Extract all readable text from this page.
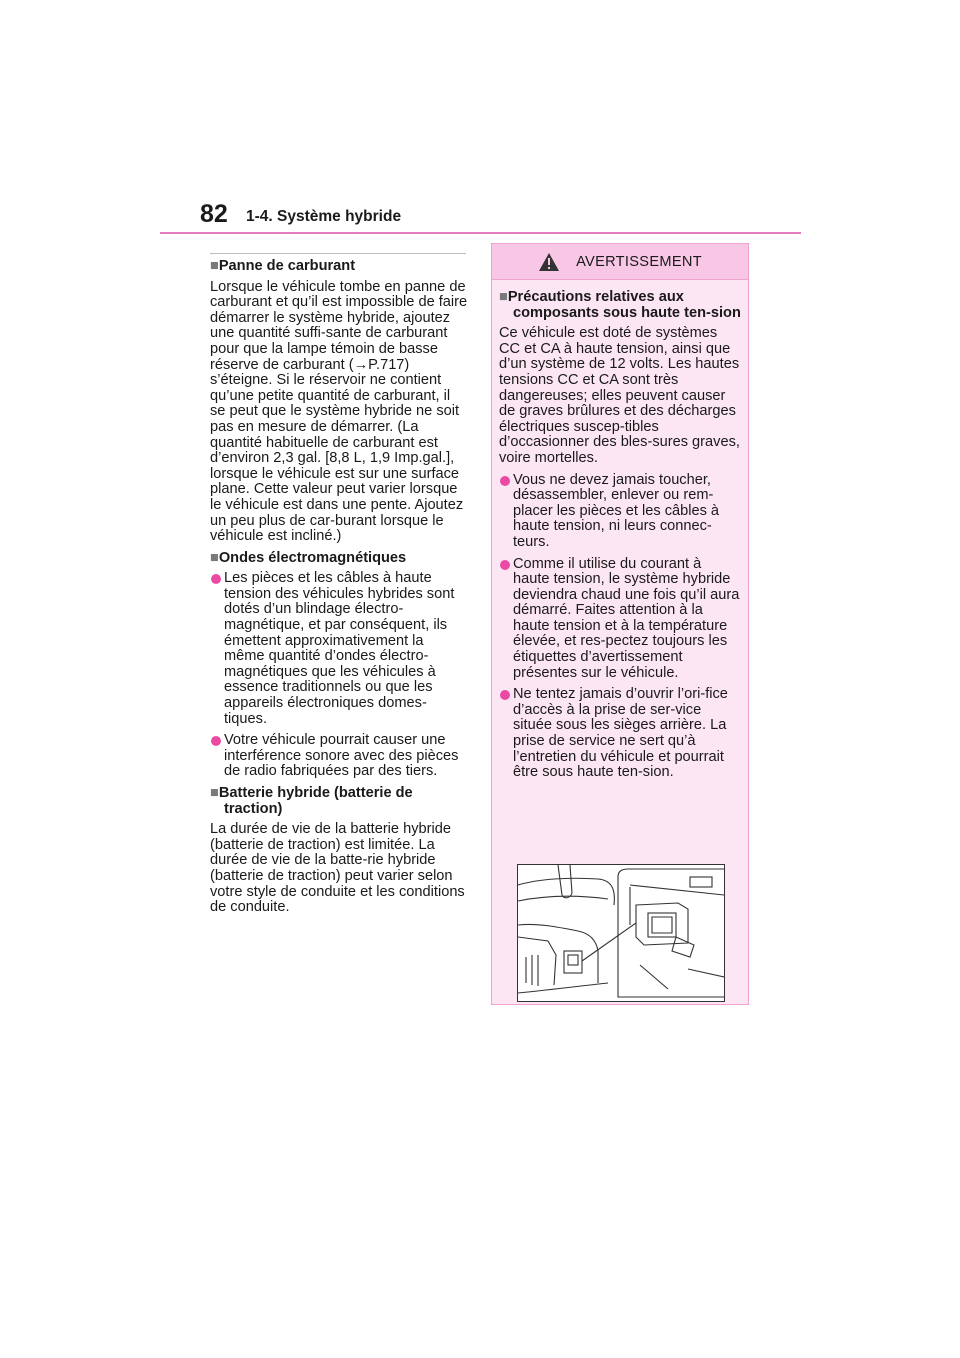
82 1-4. Système hybride

■Panne de carburant

Lorsque le véhicule tombe en panne de carburant et qu’il est impossible de faire démarrer le système hybride, ajoutez une quantité suffi-sante de carburant pour que la lampe témoin de basse réserve de carburant (→P.717) s’éteigne. Si le réservoir ne contient qu’une petite quantité de carburant, il se peut que le système hybride ne soit pas en mesure de démarrer. (La quantité habituelle de carburant est d’environ 2,3 gal. [8,8 L, 1,9 Imp.gal.], lorsque le véhicule est sur une surface plane. Cette valeur peut varier lorsque le véhicule est dans une pente. Ajoutez un peu plus de car-burant lorsque le véhicule est incliné.)

■Ondes électromagnétiques

Les pièces et les câbles à haute tension des véhicules hybrides sont dotés d’un blindage électro-magnétique, et par conséquent, ils émettent approximativement la même quantité d’ondes électro-magnétiques que les véhicules à essence traditionnels ou que les appareils électroniques domes-tiques.
Votre véhicule pourrait causer une interférence sonore avec des pièces de radio fabriquées par des tiers.

■Batterie hybride (batterie de traction)

La durée de vie de la batterie hybride (batterie de traction) est limitée. La durée de vie de la batte-rie hybride (batterie de traction) peut varier selon votre style de conduite et les conditions de conduite.

AVERTISSEMENT

■Précautions relatives aux composants sous haute ten-sion

Ce véhicule est doté de systèmes CC et CA à haute tension, ainsi que d’un système de 12 volts. Les hautes tensions CC et CA sont très dangereuses; elles peuvent causer de graves brûlures et des décharges électriques suscep-tibles d’occasionner des bles-sures graves, voire mortelles.

Vous ne devez jamais toucher, désassembler, enlever ou rem-placer les pièces et les câbles à haute tension, ni leurs connec-teurs.
Comme il utilise du courant à haute tension, le système hybride deviendra chaud une fois qu’il aura démarré. Faites attention à la haute tension et à la température élevée, et res-pectez toujours les étiquettes d’avertissement présentes sur le véhicule.
Ne tentez jamais d’ouvrir l’ori-fice d’accès à la prise de ser-vice située sous les sièges arrière. La prise de service ne sert qu’à l’entretien du véhicule et pourrait être sous haute ten-sion.
